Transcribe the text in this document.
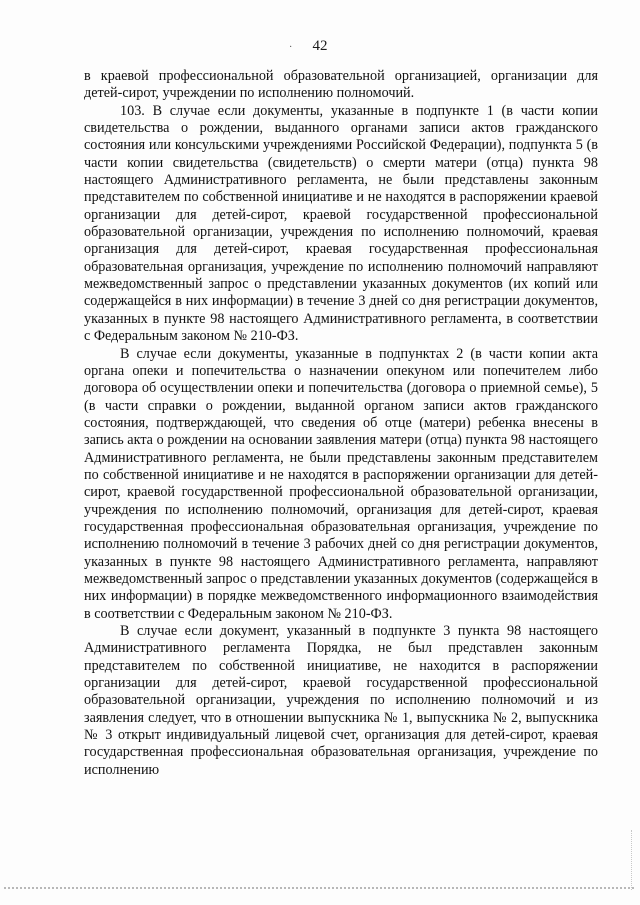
42
·

в краевой профессиональной образовательной организацией, организации для детей-сирот, учреждении по исполнению полномочий.

103. В случае если документы, указанные в подпункте 1 (в части копии свидетельства о рождении, выданного органами записи актов гражданского состояния или консульскими учреждениями Российской Федерации), подпункта 5 (в части копии свидетельства (свидетельств) о смерти матери (отца) пункта 98 настоящего Административного регламента, не были представлены законным представителем по собственной инициативе и не находятся в распоряжении краевой организации для детей-сирот, краевой государственной профессиональной образовательной организации, учреждения по исполнению полномочий, краевая организация для детей-сирот, краевая государственная профессиональная образовательная организация, учреждение по исполнению полномочий направляют межведомственный запрос о представлении указанных документов (их копий или содержащейся в них информации) в течение 3 дней со дня регистрации документов, указанных в пункте 98 настоящего Административного регламента, в соответствии с Федеральным законом № 210-ФЗ.

В случае если документы, указанные в подпунктах 2 (в части копии акта органа опеки и попечительства о назначении опекуном или попечителем либо договора об осуществлении опеки и попечительства (договора о приемной семье), 5 (в части справки о рождении, выданной органом записи актов гражданского состояния, подтверждающей, что сведения об отце (матери) ребенка внесены в запись акта о рождении на основании заявления матери (отца) пункта 98 настоящего Административного регламента, не были представлены законным представителем по собственной инициативе и не находятся в распоряжении организации для детей-сирот, краевой государственной профессиональной образовательной организации, учреждения по исполнению полномочий, организация для детей-сирот, краевая государственная профессиональная образовательная организация, учреждение по исполнению полномочий в течение 3 рабочих дней со дня регистрации документов, указанных в пункте 98 настоящего Административного регламента, направляют межведомственный запрос о представлении указанных документов (содержащейся в них информации) в порядке межведомственного информационного взаимодействия в соответствии с Федеральным законом № 210-ФЗ.

В случае если документ, указанный в подпункте 3 пункта 98 настоящего Административного регламента Порядка, не был представлен законным представителем по собственной инициативе, не находится в распоряжении организации для детей-сирот, краевой государственной профессиональной образовательной организации, учреждения по исполнению полномочий и из заявления следует, что в отношении выпускника № 1, выпускника № 2, выпускника № 3 открыт индивидуальный лицевой счет, организация для детей-сирот, краевая государственная профессиональная образовательная организация, учреждение по исполнению
